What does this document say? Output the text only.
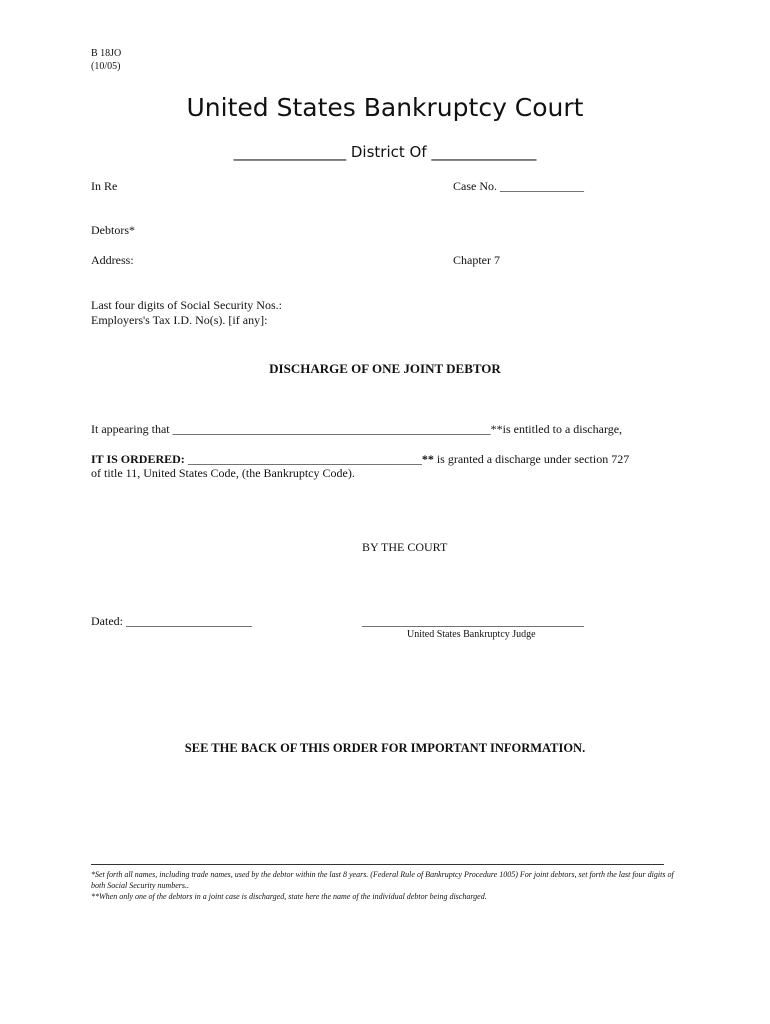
B 18JO
(10/05)
United States Bankruptcy Court
_______________ District Of ______________
In Re	Case No. ______________
Debtors*
Address:	Chapter 7
Last four digits of Social Security Nos.:
Employers's Tax I.D. No(s). [if any]:
DISCHARGE OF ONE JOINT DEBTOR
It appearing that _____________________________________________________**is entitled to a discharge,
IT IS ORDERED: _______________________________________** is granted a discharge under section 727
of title 11, United States Code, (the Bankruptcy Code).
BY THE COURT
Dated: _____________________	_____________________________________
United States Bankruptcy Judge
SEE THE BACK OF THIS ORDER FOR IMPORTANT INFORMATION.

*Set forth all names, including trade names, used by the debtor within the last 8 years. (Federal Rule of Bankruptcy Procedure 1005) For joint debtors, set forth the last four digits of both Social Security numbers..

**When only one of the debtors in a joint case is discharged, state here the name of the individual debtor being discharged.
